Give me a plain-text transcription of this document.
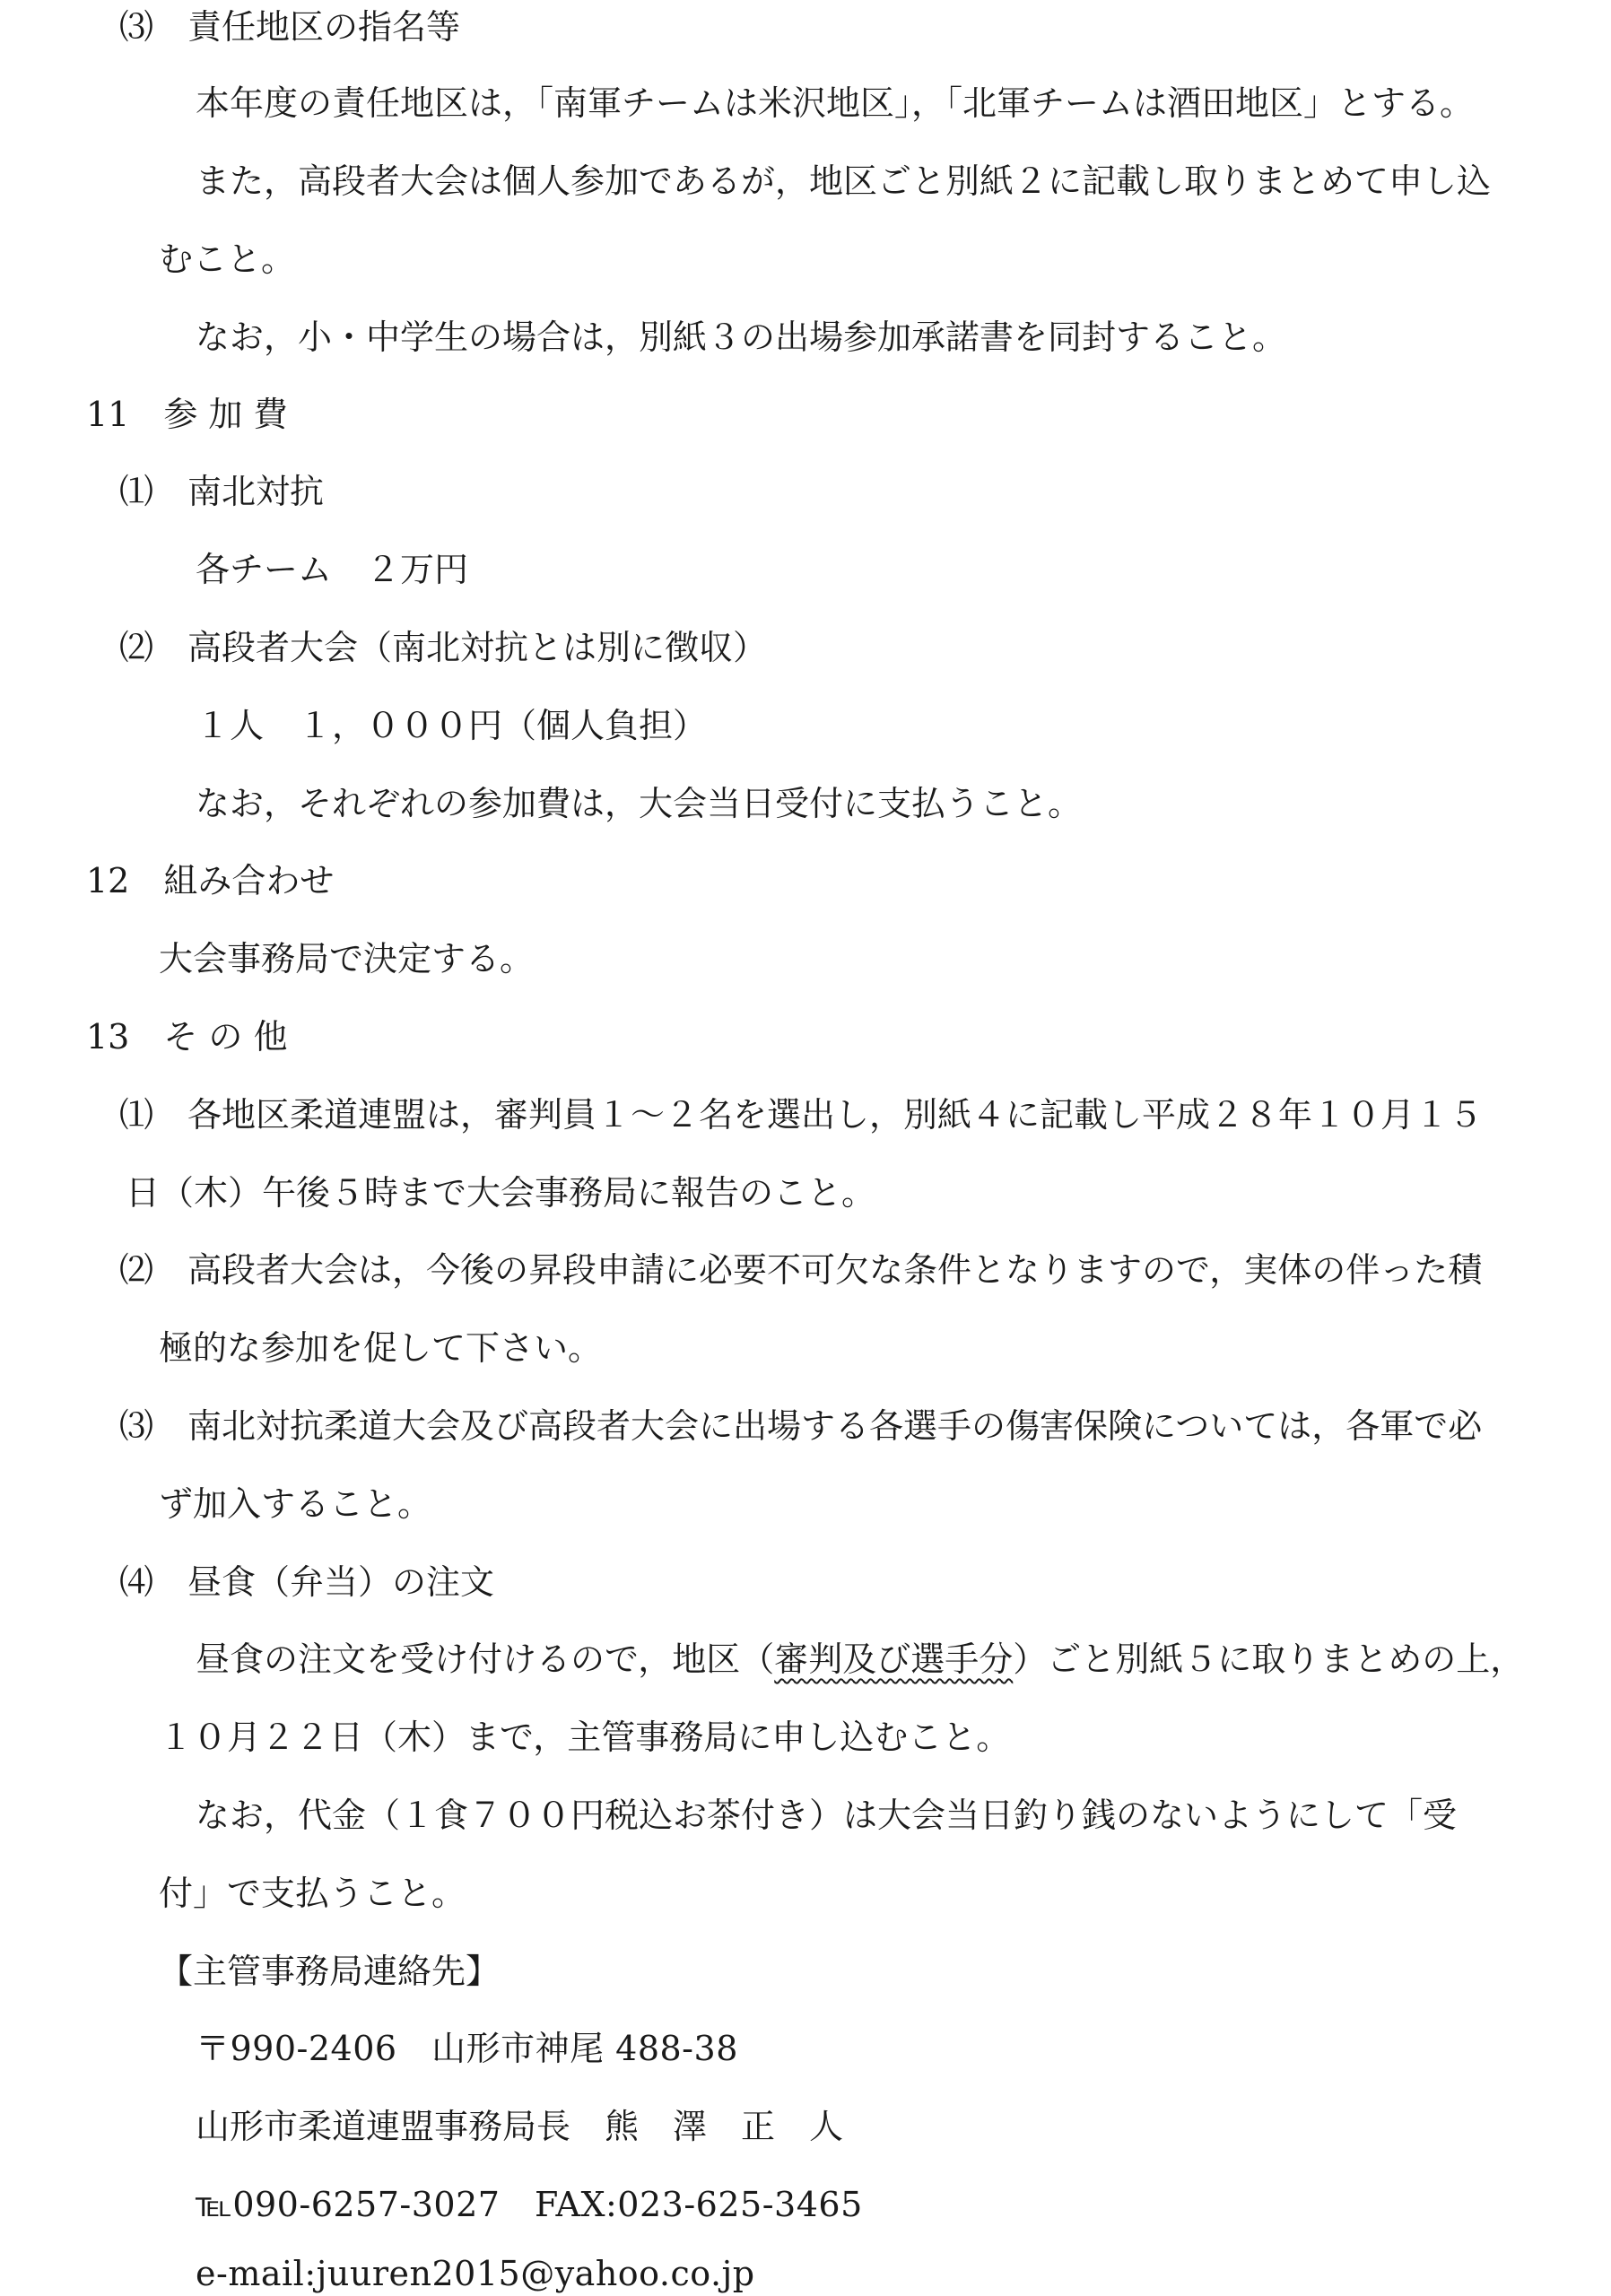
⑶　責任地区の指名等
本年度の責任地区は，「南軍チームは米沢地区」，「北軍チームは酒田地区」とする。
また，高段者大会は個人参加であるが，地区ごと別紙２に記載し取りまとめて申し込
むこと。
なお，小・中学生の場合は，別紙３の出場参加承諾書を同封すること。
11　参 加 費
⑴　南北対抗
各チーム　２万円
⑵　高段者大会（南北対抗とは別に徴収）
１人　１，０００円（個人負担）
なお，それぞれの参加費は，大会当日受付に支払うこと。
12　組み合わせ
大会事務局で決定する。
13　そ の 他
⑴　各地区柔道連盟は，審判員１～２名を選出し，別紙４に記載し平成２８年１０月１５
日（木）午後５時まで大会事務局に報告のこと。
⑵　高段者大会は，今後の昇段申請に必要不可欠な条件となりますので，実体の伴った積
極的な参加を促して下さい。
⑶　南北対抗柔道大会及び高段者大会に出場する各選手の傷害保険については，各軍で必
ず加入すること。
⑷　昼食（弁当）の注文
昼食の注文を受け付けるので，地区（審判及び選手分）ごと別紙５に取りまとめの上，
１０月２２日（木）まで，主管事務局に申し込むこと。
なお，代金（１食７００円税込お茶付き）は大会当日釣り銭のないようにして「受
付」で支払うこと。
【主管事務局連絡先】
〒990-2406　山形市神尾 488-38
山形市柔道連盟事務局長　熊　澤　正　人
℡090-6257-3027　FAX:023-625-3465
e-mail:juuren2015@yahoo.co.jp
